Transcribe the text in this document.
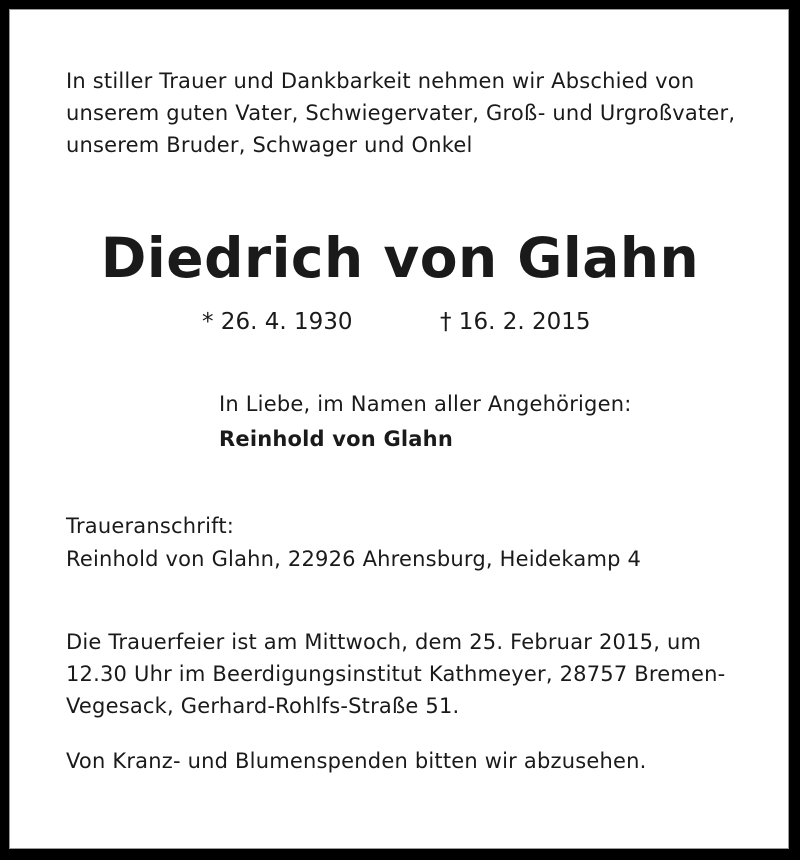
In stiller Trauer und Dankbarkeit nehmen wir Abschied von
unserem guten Vater, Schwiegervater, Groß- und Urgroßvater,
unserem Bruder, Schwager und Onkel
Diedrich von Glahn
* 26. 4. 1930	† 16. 2. 2015
In Liebe, im Namen aller Angehörigen:
Reinhold von Glahn
Traueranschrift:
Reinhold von Glahn, 22926 Ahrensburg, Heidekamp 4
Die Trauerfeier ist am Mittwoch, dem 25. Februar 2015, um
12.30 Uhr im Beerdigungsinstitut Kathmeyer, 28757 Bremen-
Vegesack, Gerhard-Rohlfs-Straße 51.
Von Kranz- und Blumenspenden bitten wir abzusehen.
